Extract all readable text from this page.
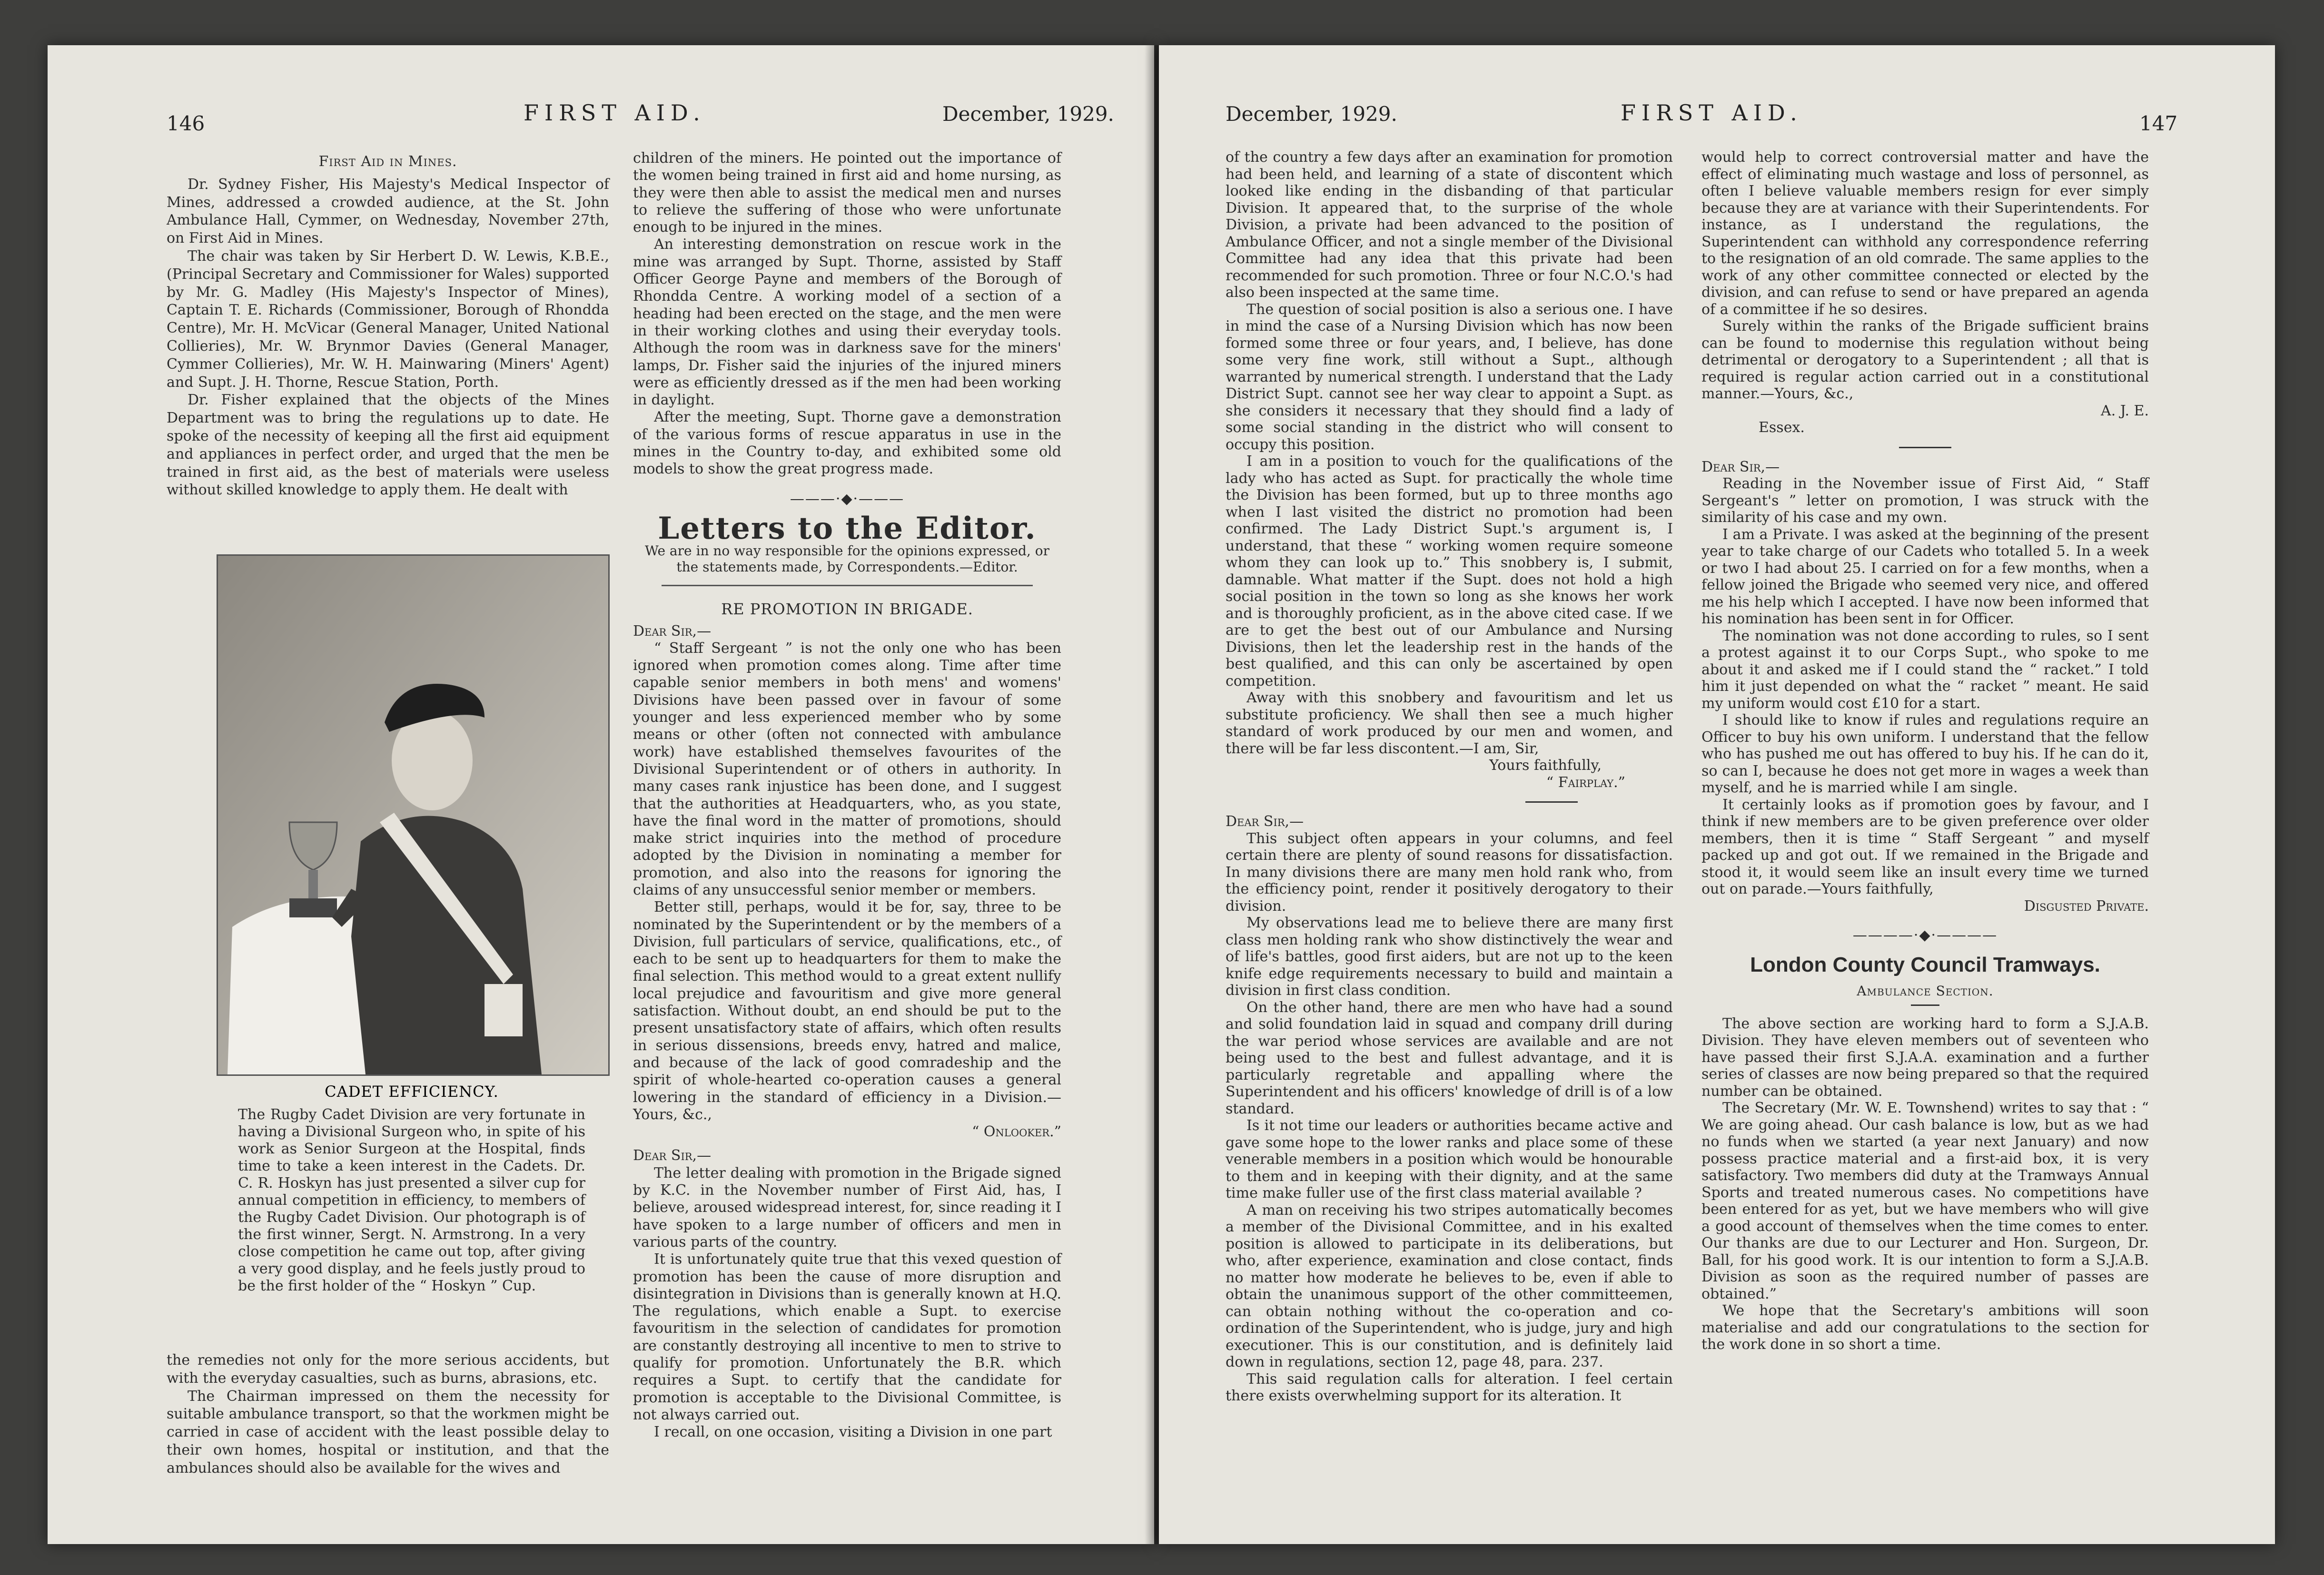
146	FIRST AID.	December, 1929.

First Aid in Mines.

Dr. Sydney Fisher, His Majesty's Medical Inspector of Mines, addressed a crowded audience, at the St. John Ambulance Hall, Cymmer, on Wednesday, November 27th, on First Aid in Mines.

The chair was taken by Sir Herbert D. W. Lewis, K.B.E., (Principal Secretary and Commissioner for Wales) supported by Mr. G. Madley (His Majesty's Inspector of Mines), Captain T. E. Richards (Commissioner, Borough of Rhondda Centre), Mr. H. McVicar (General Manager, United National Collieries), Mr. W. Brynmor Davies (General Manager, Cymmer Collieries), Mr. W. H. Mainwaring (Miners' Agent) and Supt. J. H. Thorne, Rescue Station, Porth.

Dr. Fisher explained that the objects of the Mines Department was to bring the regulations up to date. He spoke of the necessity of keeping all the first aid equipment and appliances in perfect order, and urged that the men be trained in first aid, as the best of materials were useless without skilled knowledge to apply them. He dealt with

CADET EFFICIENCY.

The Rugby Cadet Division are very fortunate in having a Divisional Surgeon who, in spite of his work as Senior Surgeon at the Hospital, finds time to take a keen interest in the Cadets. Dr. C. R. Hoskyn has just presented a silver cup for annual competition in efficiency, to members of the Rugby Cadet Division. Our photograph is of the first winner, Sergt. N. Armstrong. In a very close competition he came out top, after giving a very good display, and he feels justly proud to be the first holder of the “ Hoskyn ” Cup.

the remedies not only for the more serious accidents, but with the everyday casualties, such as burns, abrasions, etc.

The Chairman impressed on them the necessity for suitable ambulance transport, so that the workmen might be carried in case of accident with the least possible delay to their own homes, hospital or institution, and that the ambulances should also be available for the wives and

children of the miners. He pointed out the importance of the women being trained in first aid and home nursing, as they were then able to assist the medical men and nurses to relieve the suffering of those who were unfortunate enough to be injured in the mines.

An interesting demonstration on rescue work in the mine was arranged by Supt. Thorne, assisted by Staff Officer George Payne and members of the Borough of Rhondda Centre. A working model of a section of a heading had been erected on the stage, and the men were in their working clothes and using their everyday tools. Although the room was in darkness save for the miners' lamps, Dr. Fisher said the injuries of the injured miners were as efficiently dressed as if the men had been working in daylight.

After the meeting, Supt. Thorne gave a demonstration of the various forms of rescue apparatus in use in the mines in the Country to-day, and exhibited some old models to show the great progress made.

———·◆·———
Letters to the Editor.

We are in no way responsible for the opinions expressed, or the statements made, by Correspondents.—Editor.

RE PROMOTION IN BRIGADE.

Dear Sir,—

“ Staff Sergeant ” is not the only one who has been ignored when promotion comes along. Time after time capable senior members in both mens' and womens' Divisions have been passed over in favour of some younger and less experienced member who by some means or other (often not connected with ambulance work) have established themselves favourites of the Divisional Superintendent or of others in authority. In many cases rank injustice has been done, and I suggest that the authorities at Headquarters, who, as you state, have the final word in the matter of promotions, should make strict inquiries into the method of procedure adopted by the Division in nominating a member for promotion, and also into the reasons for ignoring the claims of any unsuccessful senior member or members.

Better still, perhaps, would it be for, say, three to be nominated by the Superintendent or by the members of a Division, full particulars of service, qualifications, etc., of each to be sent up to headquarters for them to make the final selection. This method would to a great extent nullify local prejudice and favouritism and give more general satisfaction. Without doubt, an end should be put to the present unsatisfactory state of affairs, which often results in serious dissensions, breeds envy, hatred and malice, and because of the lack of good comradeship and the spirit of whole-hearted co-operation causes a general lowering in the standard of efficiency in a Division.—Yours, &c.,

“ Onlooker.”

Dear Sir,—

The letter dealing with promotion in the Brigade signed by K.C. in the November number of First Aid, has, I believe, aroused widespread interest, for, since reading it I have spoken to a large number of officers and men in various parts of the country.

It is unfortunately quite true that this vexed question of promotion has been the cause of more disruption and disintegration in Divisions than is generally known at H.Q. The regulations, which enable a Supt. to exercise favouritism in the selection of candidates for promotion are constantly destroying all incentive to men to strive to qualify for promotion. Unfortunately the B.R. which requires a Supt. to certify that the candidate for promotion is acceptable to the Divisional Committee, is not always carried out.

I recall, on one occasion, visiting a Division in one part

December, 1929.	FIRST AID.	147

of the country a few days after an examination for promotion had been held, and learning of a state of discontent which looked like ending in the disbanding of that particular Division. It appeared that, to the surprise of the whole Division, a private had been advanced to the position of Ambulance Officer, and not a single member of the Divisional Committee had any idea that this private had been recommended for such promotion. Three or four N.C.O.'s had also been inspected at the same time.

The question of social position is also a serious one. I have in mind the case of a Nursing Division which has now been formed some three or four years, and, I believe, has done some very fine work, still without a Supt., although warranted by numerical strength. I understand that the Lady District Supt. cannot see her way clear to appoint a Supt. as she considers it necessary that they should find a lady of some social standing in the district who will consent to occupy this position.

I am in a position to vouch for the qualifications of the lady who has acted as Supt. for practically the whole time the Division has been formed, but up to three months ago when I last visited the district no promotion had been confirmed. The Lady District Supt.'s argument is, I understand, that these “ working women require someone whom they can look up to.” This snobbery is, I submit, damnable. What matter if the Supt. does not hold a high social position in the town so long as she knows her work and is thoroughly proficient, as in the above cited case. If we are to get the best out of our Ambulance and Nursing Divisions, then let the leadership rest in the hands of the best qualified, and this can only be ascertained by open competition.

Away with this snobbery and favouritism and let us substitute proficiency. We shall then see a much higher standard of work produced by our men and women, and there will be far less discontent.—I am, Sir,

Yours faithfully,

“ Fairplay.”

Dear Sir,—

This subject often appears in your columns, and feel certain there are plenty of sound reasons for dissatisfaction. In many divisions there are many men hold rank who, from the efficiency point, render it positively derogatory to their division.

My observations lead me to believe there are many first class men holding rank who show distinctively the wear and of life's battles, good first aiders, but are not up to the keen knife edge requirements necessary to build and maintain a division in first class condition.

On the other hand, there are men who have had a sound and solid foundation laid in squad and company drill during the war period whose services are available and are not being used to the best and fullest advantage, and it is particularly regretable and appalling where the Superintendent and his officers' knowledge of drill is of a low standard.

Is it not time our leaders or authorities became active and gave some hope to the lower ranks and place some of these venerable members in a position which would be honourable to them and in keeping with their dignity, and at the same time make fuller use of the first class material available ?

A man on receiving his two stripes automatically becomes a member of the Divisional Committee, and in his exalted position is allowed to participate in its deliberations, but who, after experience, examination and close contact, finds no matter how moderate he believes to be, even if able to obtain the unanimous support of the other committeemen, can obtain nothing without the co-operation and co-ordination of the Superintendent, who is judge, jury and high executioner. This is our constitution, and is definitely laid down in regulations, section 12, page 48, para. 237.

This said regulation calls for alteration. I feel certain there exists overwhelming support for its alteration. It

would help to correct controversial matter and have the effect of eliminating much wastage and loss of personnel, as often I believe valuable members resign for ever simply because they are at variance with their Superintendents. For instance, as I understand the regulations, the Superintendent can withhold any correspondence referring to the resignation of an old comrade. The same applies to the work of any other committee connected or elected by the division, and can refuse to send or have prepared an agenda of a committee if he so desires.

Surely within the ranks of the Brigade sufficient brains can be found to modernise this regulation without being detrimental or derogatory to a Superintendent ; all that is required is regular action carried out in a constitutional manner.—Yours, &c.,

A. J. E.

Essex.

Dear Sir,—

Reading in the November issue of First Aid, “ Staff Sergeant's ” letter on promotion, I was struck with the similarity of his case and my own.

I am a Private. I was asked at the beginning of the present year to take charge of our Cadets who totalled 5. In a week or two I had about 25. I carried on for a few months, when a fellow joined the Brigade who seemed very nice, and offered me his help which I accepted. I have now been informed that his nomination has been sent in for Officer.

The nomination was not done according to rules, so I sent a protest against it to our Corps Supt., who spoke to me about it and asked me if I could stand the “ racket.” I told him it just depended on what the “ racket ” meant. He said my uniform would cost £10 for a start.

I should like to know if rules and regulations require an Officer to buy his own uniform. I understand that the fellow who has pushed me out has offered to buy his. If he can do it, so can I, because he does not get more in wages a week than myself, and he is married while I am single.

It certainly looks as if promotion goes by favour, and I think if new members are to be given preference over older members, then it is time “ Staff Sergeant ” and myself packed up and got out. If we remained in the Brigade and stood it, it would seem like an insult every time we turned out on parade.—Yours faithfully,

Disgusted Private.

————·◆·————
London County Council Tramways.

Ambulance Section.

The above section are working hard to form a S.J.A.B. Division. They have eleven members out of seventeen who have passed their first S.J.A.A. examination and a further series of classes are now being prepared so that the required number can be obtained.

The Secretary (Mr. W. E. Townshend) writes to say that : “ We are going ahead. Our cash balance is low, but as we had no funds when we started (a year next January) and now possess practice material and a first-aid box, it is very satisfactory. Two members did duty at the Tramways Annual Sports and treated numerous cases. No competitions have been entered for as yet, but we have members who will give a good account of themselves when the time comes to enter. Our thanks are due to our Lecturer and Hon. Surgeon, Dr. Ball, for his good work. It is our intention to form a S.J.A.B. Division as soon as the required number of passes are obtained.”

We hope that the Secretary's ambitions will soon materialise and add our congratulations to the section for the work done in so short a time.
